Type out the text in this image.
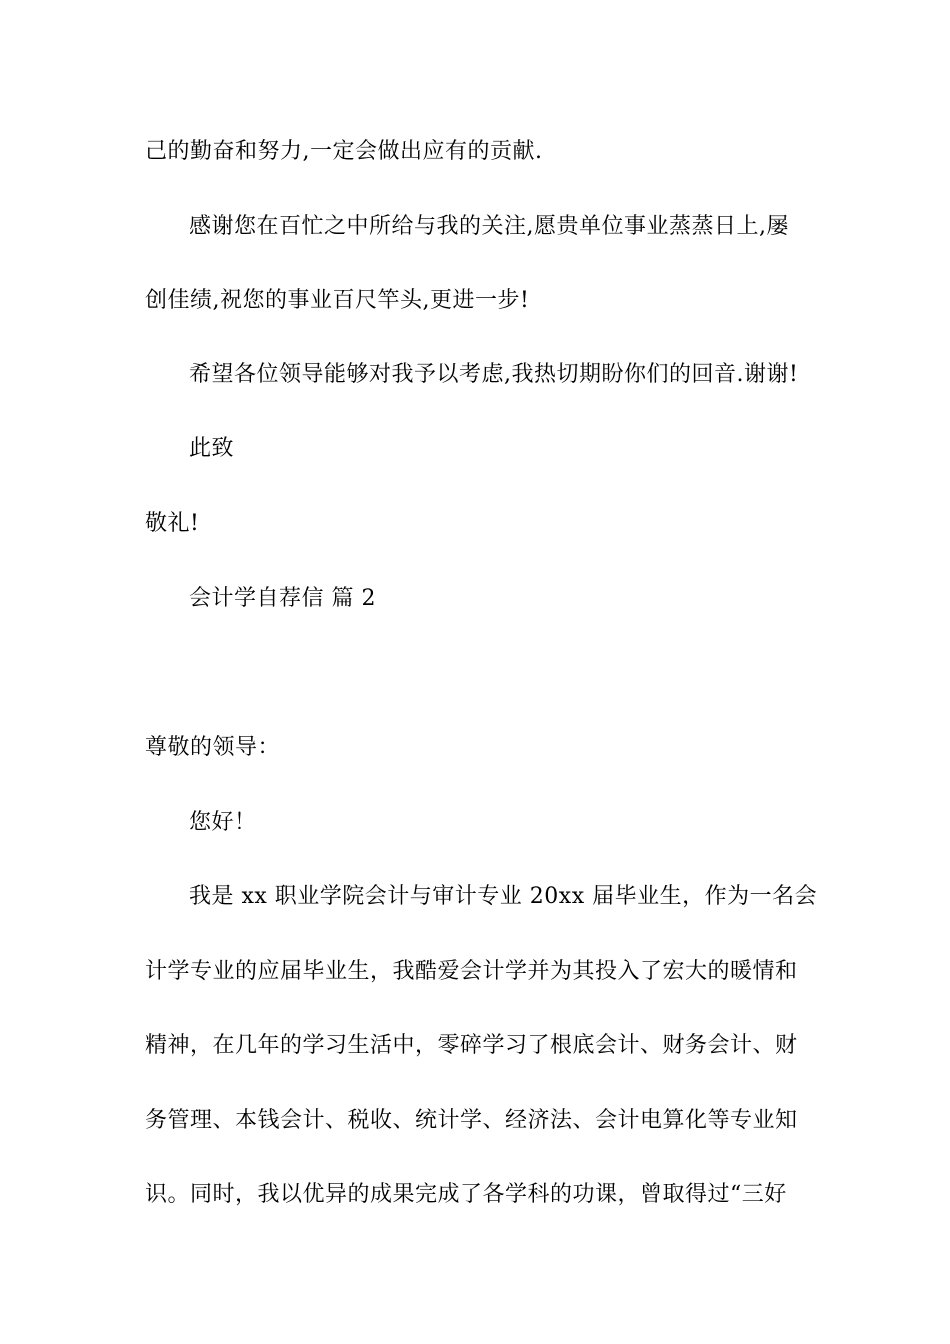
己的勤奋和努力,一定会做出应有的贡献.
感谢您在百忙之中所给与我的关注,愿贵单位事业蒸蒸日上,屡
创佳绩,祝您的事业百尺竿头,更进一步!
希望各位领导能够对我予以考虑,我热切期盼你们的回音.谢谢!
此致
敬礼!
会计学自荐信 篇 2
尊敬的领导：
您好！
我是 xx 职业学院会计与审计专业 20xx 届毕业生，作为一名会
计学专业的应届毕业生，我酷爱会计学并为其投入了宏大的暖情和
精神，在几年的学习生活中，零碎学习了根底会计、财务会计、财
务管理、本钱会计、税收、统计学、经济法、会计电算化等专业知
识。同时，我以优异的成果完成了各学科的功课，曾取得过“三好
